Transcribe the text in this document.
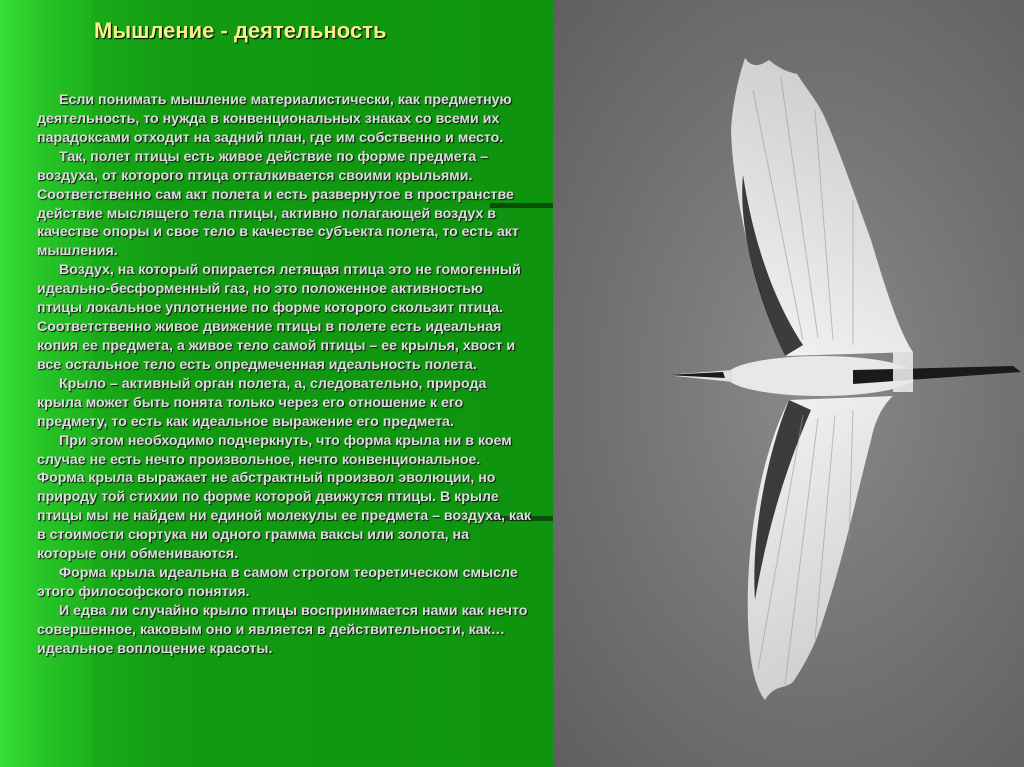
Мышление - деятельность

Если понимать мышление материалистически, как предметную деятельность, то нужда в конвенциональных знаках со всеми их парадоксами отходит на задний план, где им собственно и место.

Так, полет птицы есть живое действие по форме предмета – воздуха, от которого птица отталкивается своими крыльями. Соответственно сам акт полета и есть развернутое в пространстве действие мыслящего тела птицы, активно полагающей воздух в качестве опоры и свое тело в качестве субъекта полета, то есть акт мышления.

Воздух, на который опирается летящая птица это не гомогенный идеально-бесформенный газ, но это положенное активностью птицы локальное уплотнение по форме которого скользит птица. Соответственно живое движение птицы в полете есть идеальная копия ее предмета, а живое тело самой птицы – ее крылья, хвост и все остальное тело есть опредмеченная идеальность полета.

Крыло – активный орган полета, а, следовательно, природа крыла может быть понята только через его отношение к его предмету, то есть как идеальное выражение его предмета.

При этом необходимо подчеркнуть, что форма крыла ни в коем случае не есть нечто произвольное, нечто конвенциональное. Форма крыла выражает не абстрактный произвол эволюции, но природу той стихии по форме которой движутся птицы. В крыле птицы мы не найдем ни единой молекулы ее предмета – воздуха, как в стоимости сюртука ни одного грамма ваксы или золота, на которые они обмениваются.

Форма крыла идеальна в самом строгом теоретическом смысле этого философского понятия.

И едва ли случайно крыло птицы воспринимается нами как нечто совершенное, каковым оно и является в действительности, как… идеальное воплощение красоты.
